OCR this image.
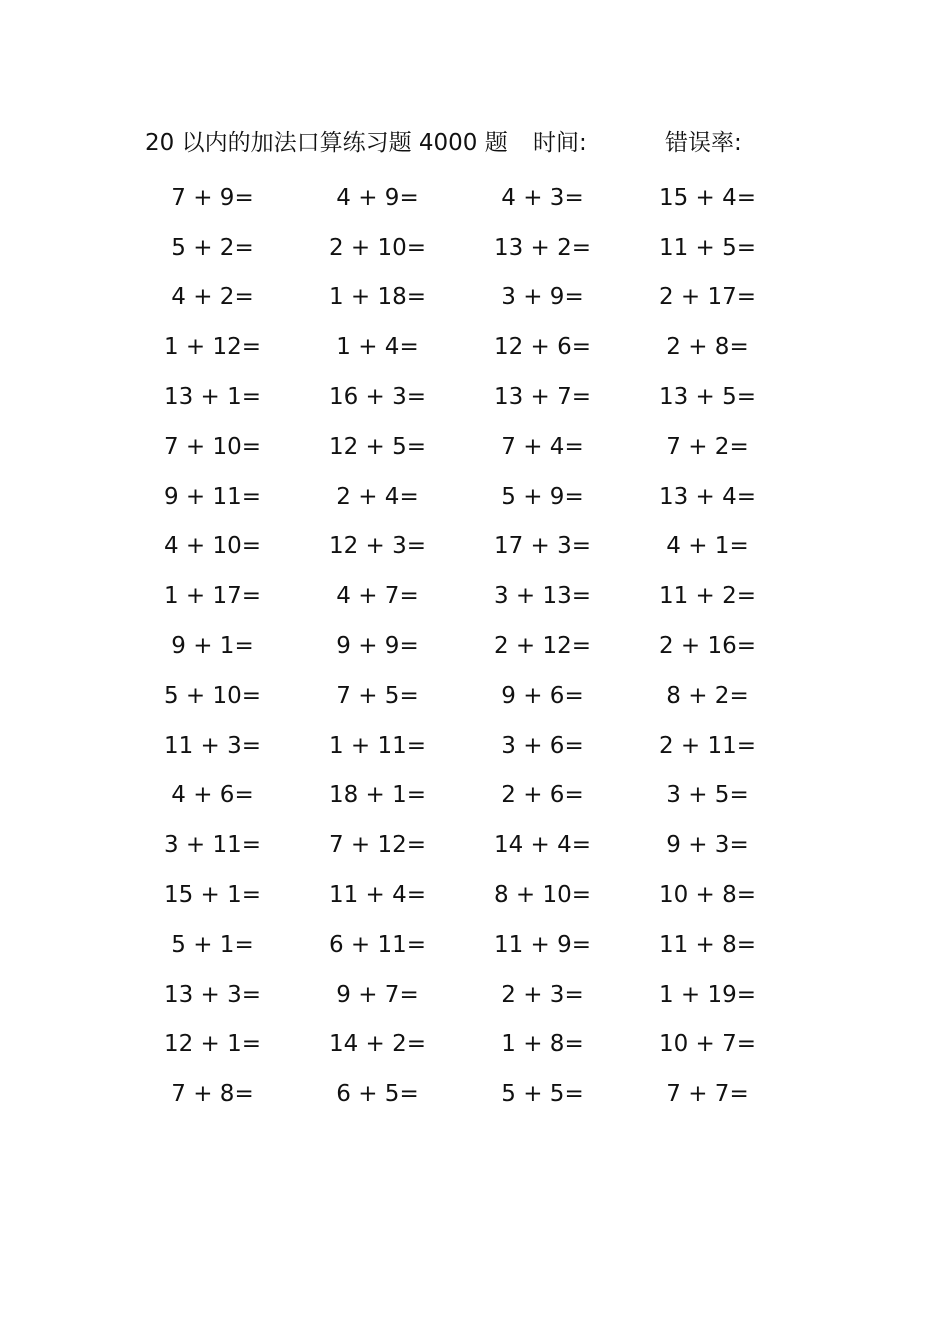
20 以内的加法口算练习题 4000 题 时间:	错误率:
7 + 9=	4 + 9=	4 + 3=	15 + 4=
5 + 2=	2 + 10=	13 + 2=	11 + 5=
4 + 2=	1 + 18=	3 + 9=	2 + 17=
1 + 12=	1 + 4=	12 + 6=	2 + 8=
13 + 1=	16 + 3=	13 + 7=	13 + 5=
7 + 10=	12 + 5=	7 + 4=	7 + 2=
9 + 11=	2 + 4=	5 + 9=	13 + 4=
4 + 10=	12 + 3=	17 + 3=	4 + 1=
1 + 17=	4 + 7=	3 + 13=	11 + 2=
9 + 1=	9 + 9=	2 + 12=	2 + 16=
5 + 10=	7 + 5=	9 + 6=	8 + 2=
11 + 3=	1 + 11=	3 + 6=	2 + 11=
4 + 6=	18 + 1=	2 + 6=	3 + 5=
3 + 11=	7 + 12=	14 + 4=	9 + 3=
15 + 1=	11 + 4=	8 + 10=	10 + 8=
5 + 1=	6 + 11=	11 + 9=	11 + 8=
13 + 3=	9 + 7=	2 + 3=	1 + 19=
12 + 1=	14 + 2=	1 + 8=	10 + 7=
7 + 8=	6 + 5=	5 + 5=	7 + 7=
